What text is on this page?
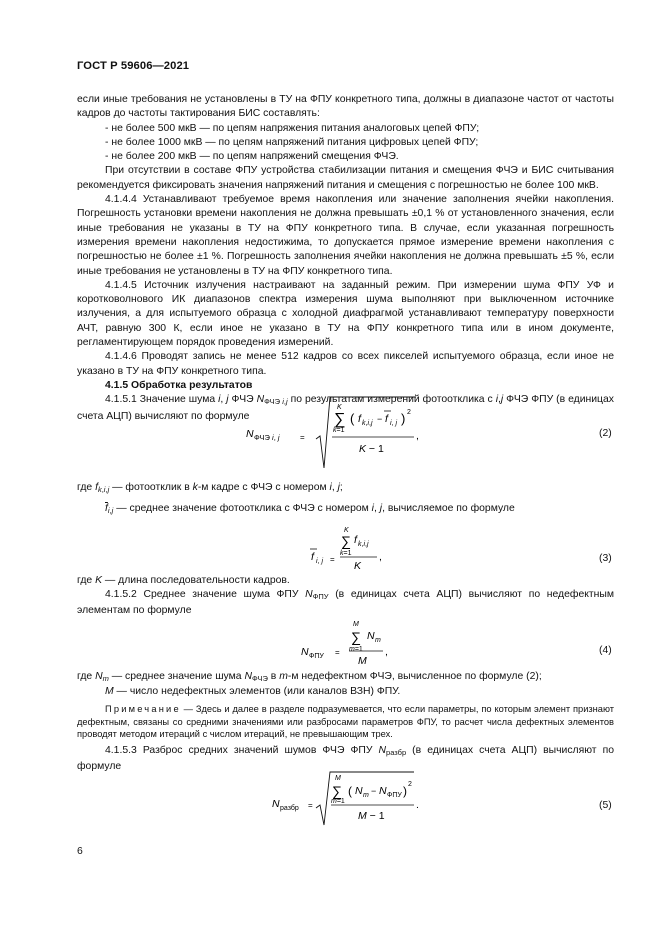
ГОСТ Р 59606—2021

если иные требования не установлены в ТУ на ФПУ конкретного типа, должны в диапазоне частот от частоты кадров до частоты тактирования БИС составлять:

- не более 500 мкВ — по цепям напряжения питания аналоговых цепей ФПУ;

- не более 1000 мкВ — по цепям напряжений питания цифровых цепей ФПУ;

- не более 200 мкВ — по цепям напряжений смещения ФЧЭ.

При отсутствии в составе ФПУ устройства стабилизации питания и смещения ФЧЭ и БИС считывания рекомендуется фиксировать значения напряжений питания и смещения с погрешностью не более 100 мкВ.

4.1.4.4 Устанавливают требуемое время накопления или значение заполнения ячейки накопления. Погрешность установки времени накопления не должна превышать ±0,1 % от установленного значения, если иные требования не указаны в ТУ на ФПУ конкретного типа. В случае, если указанная погрешность измерения времени накопления недостижима, то допускается прямое измерение времени накопления с погрешностью не более ±1 %. Погрешность заполнения ячейки накопления не должна превышать ±5 %, если иные требования не установлены в ТУ на ФПУ конкретного типа.

4.1.4.5 Источник излучения настраивают на заданный режим. При измерении шума ФПУ УФ и коротковолнового ИК диапазонов спектра измерения шума выполняют при выключенном источнике излучения, а для испытуемого образца с холодной диафрагмой устанавливают температуру поверхности АЧТ, равную 300 К, если иное не указано в ТУ на ФПУ конкретного типа или в ином документе, регламентирующем порядок проведения измерений.

4.1.4.6 Проводят запись не менее 512 кадров со всех пикселей испытуемого образца, если иное не указано в ТУ на ФПУ конкретного типа.

4.1.5 Обработка результатов

4.1.5.1 Значение шума i, j ФЧЭ $N_{ФЧЭ i,j}$ по результатам измерений фотоотклика с i,j ФЧЭ ФПУ (в единицах счета АЦП) вычисляют по формуле

N ФЧЭ i, j	=
K
∑
k=1
( f k,i,j − f i, j ) 2
K − 1
,	(2)
где $f_{k,i,j}$ — фотоотклик в k-м кадре с ФЧЭ с номером i, j;
$\overline{f}_{i,j}$ — среднее значение фотоотклика с ФЧЭ с номером i, j, вычисляемое по формуле
K
∑ f k,i,j
k=1
f i, j =
K
,	(3)
где K — длина последовательности кадров.

4.1.5.2 Среднее значение шума ФПУ $N_{ФПУ}$ (в единицах счета АЦП) вычисляют по недефектным элементам по формуле

M
∑ N m
m=1
N ФПУ =
M
,	(4)
где $N_m$ — среднее значение шума $N_{ФЧЭ}$ в m-м недефектном ФЧЭ, вычисленное по формуле (2);
M — число недефектных элементов (или каналов ВЗН) ФПУ.

Примечание — Здесь и далее в разделе подразумевается, что если параметры, по которым элемент признают дефектным, связаны со средними значениями или разбросами параметров ФПУ, то расчет числа дефектных элементов проводят методом итераций с числом итераций, не превышающим трех.

4.1.5.3 Разброс средних значений шумов ФЧЭ ФПУ $N_{разбр}$ (в единицах счета АЦП) вычисляют по формуле

N разбр =
M
∑
m=1
( N m − N ФПУ ) 2
M − 1
.	(5)
6
